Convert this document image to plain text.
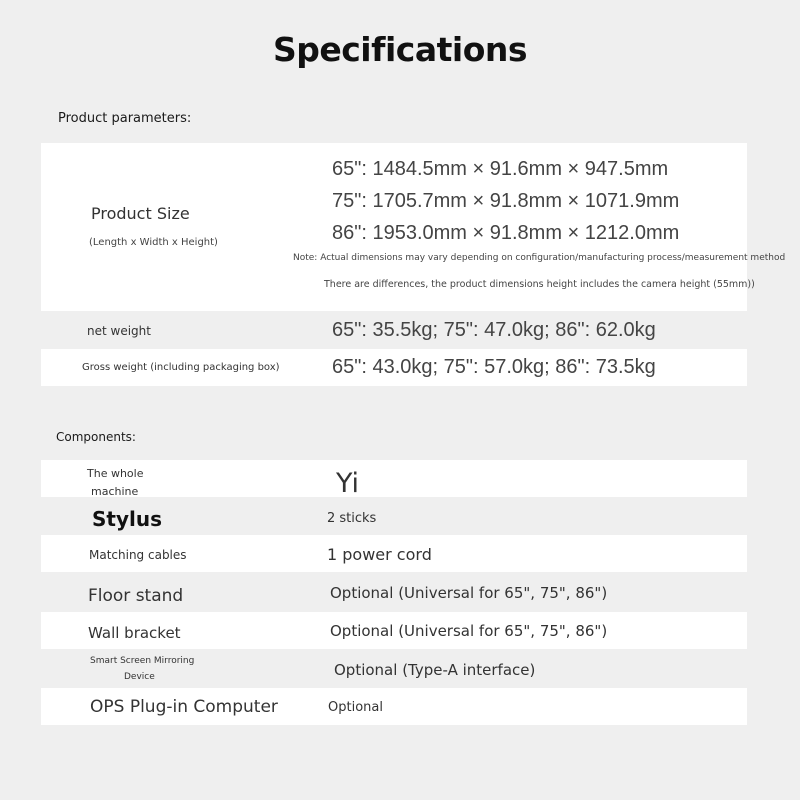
Specifications
Product parameters:
Product Size
(Length x Width x Height)
65": 1484.5mm × 91.6mm × 947.5mm
75": 1705.7mm × 91.8mm × 1071.9mm
86": 1953.0mm × 91.8mm × 1212.0mm
Note: Actual dimensions may vary depending on configuration/manufacturing process/measurement method
There are differences, the product dimensions height includes the camera height (55mm))
net weight	65": 35.5kg; 75": 47.0kg; 86": 62.0kg
Gross weight (including packaging box)	65": 43.0kg; 75": 57.0kg; 86": 73.5kg
Components:
The whole
machine	Yi
Stylus	2 sticks
Matching cables	1 power cord
Floor stand	Optional (Universal for 65", 75", 86")
Wall bracket	Optional (Universal for 65", 75", 86")
Smart Screen Mirroring
Device	Optional (Type-A interface)
OPS Plug-in Computer	Optional
